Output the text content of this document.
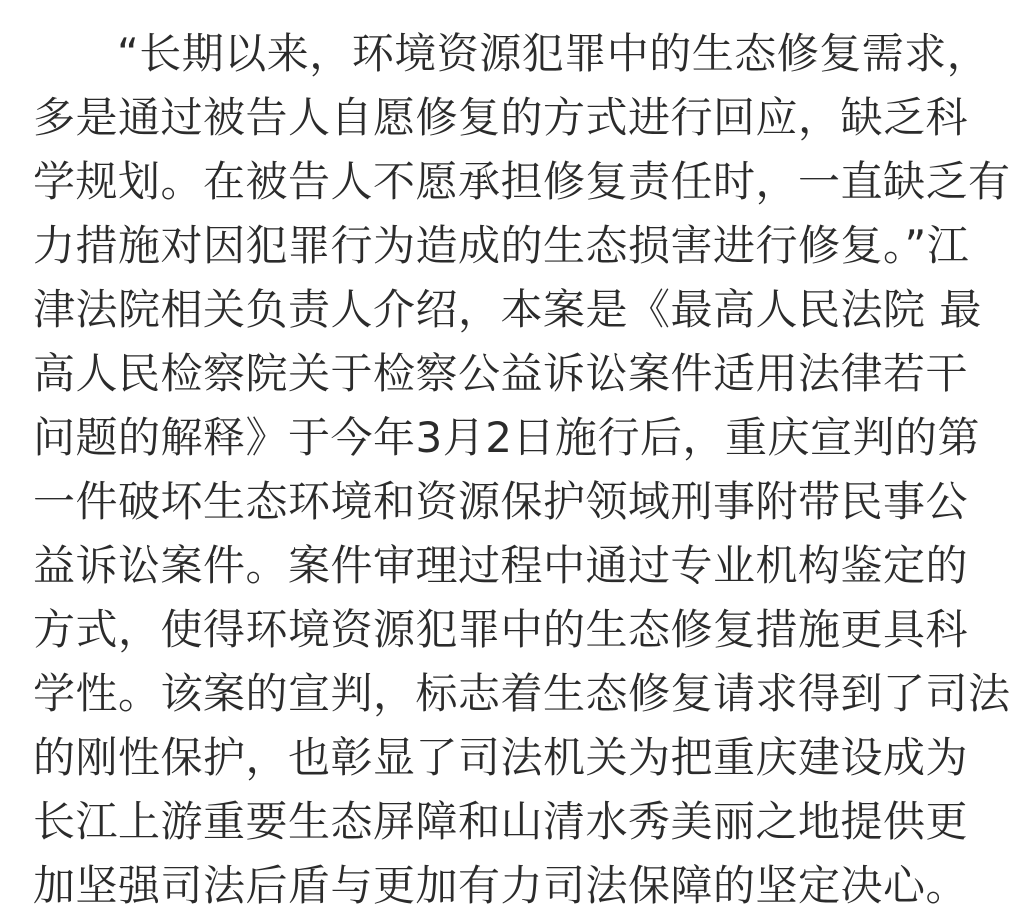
“长期以来，环境资源犯罪中的生态修复需求，
多是通过被告人自愿修复的方式进行回应，缺乏科
学规划。在被告人不愿承担修复责任时，一直缺乏有
力措施对因犯罪行为造成的生态损害进行修复。”江
津法院相关负责人介绍，本案是《最高人民法院 最
高人民检察院关于检察公益诉讼案件适用法律若干
问题的解释》于今年3月2日施行后，重庆宣判的第
一件破坏生态环境和资源保护领域刑事附带民事公
益诉讼案件。案件审理过程中通过专业机构鉴定的
方式，使得环境资源犯罪中的生态修复措施更具科
学性。该案的宣判，标志着生态修复请求得到了司法
的刚性保护，也彰显了司法机关为把重庆建设成为
长江上游重要生态屏障和山清水秀美丽之地提供更
加坚强司法后盾与更加有力司法保障的坚定决心。
